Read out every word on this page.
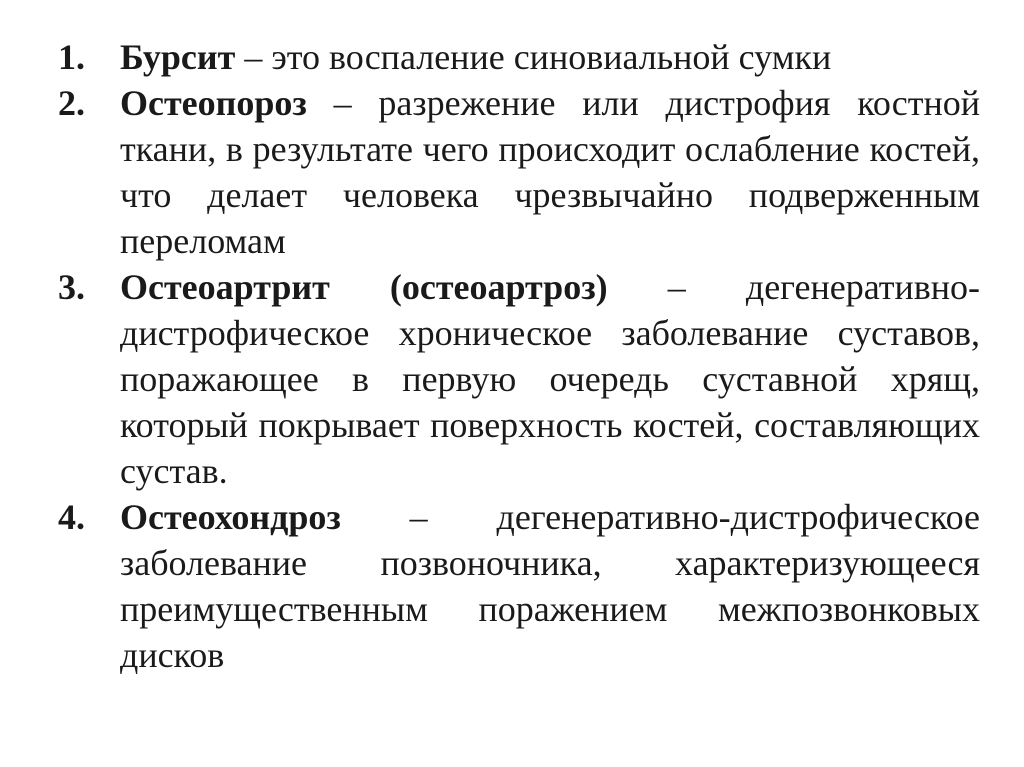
1. Бурсит – это воспаление синовиальной сумки
2. Остеопороз – разрежение или дистрофия костной ткани, в результате чего происходит ослабление костей, что делает человека чрезвычайно подверженным переломам
3. Остеоартрит (остеоартроз) – дегенеративно-дистрофическое хроническое заболевание суставов, поражающее в первую очередь суставной хрящ, который покрывает поверхность костей, составляющих сустав.
4. Остеохондроз – дегенеративно-дистрофическое заболевание позвоночника, характеризующееся преимущественным поражением межпозвонковых дисков
